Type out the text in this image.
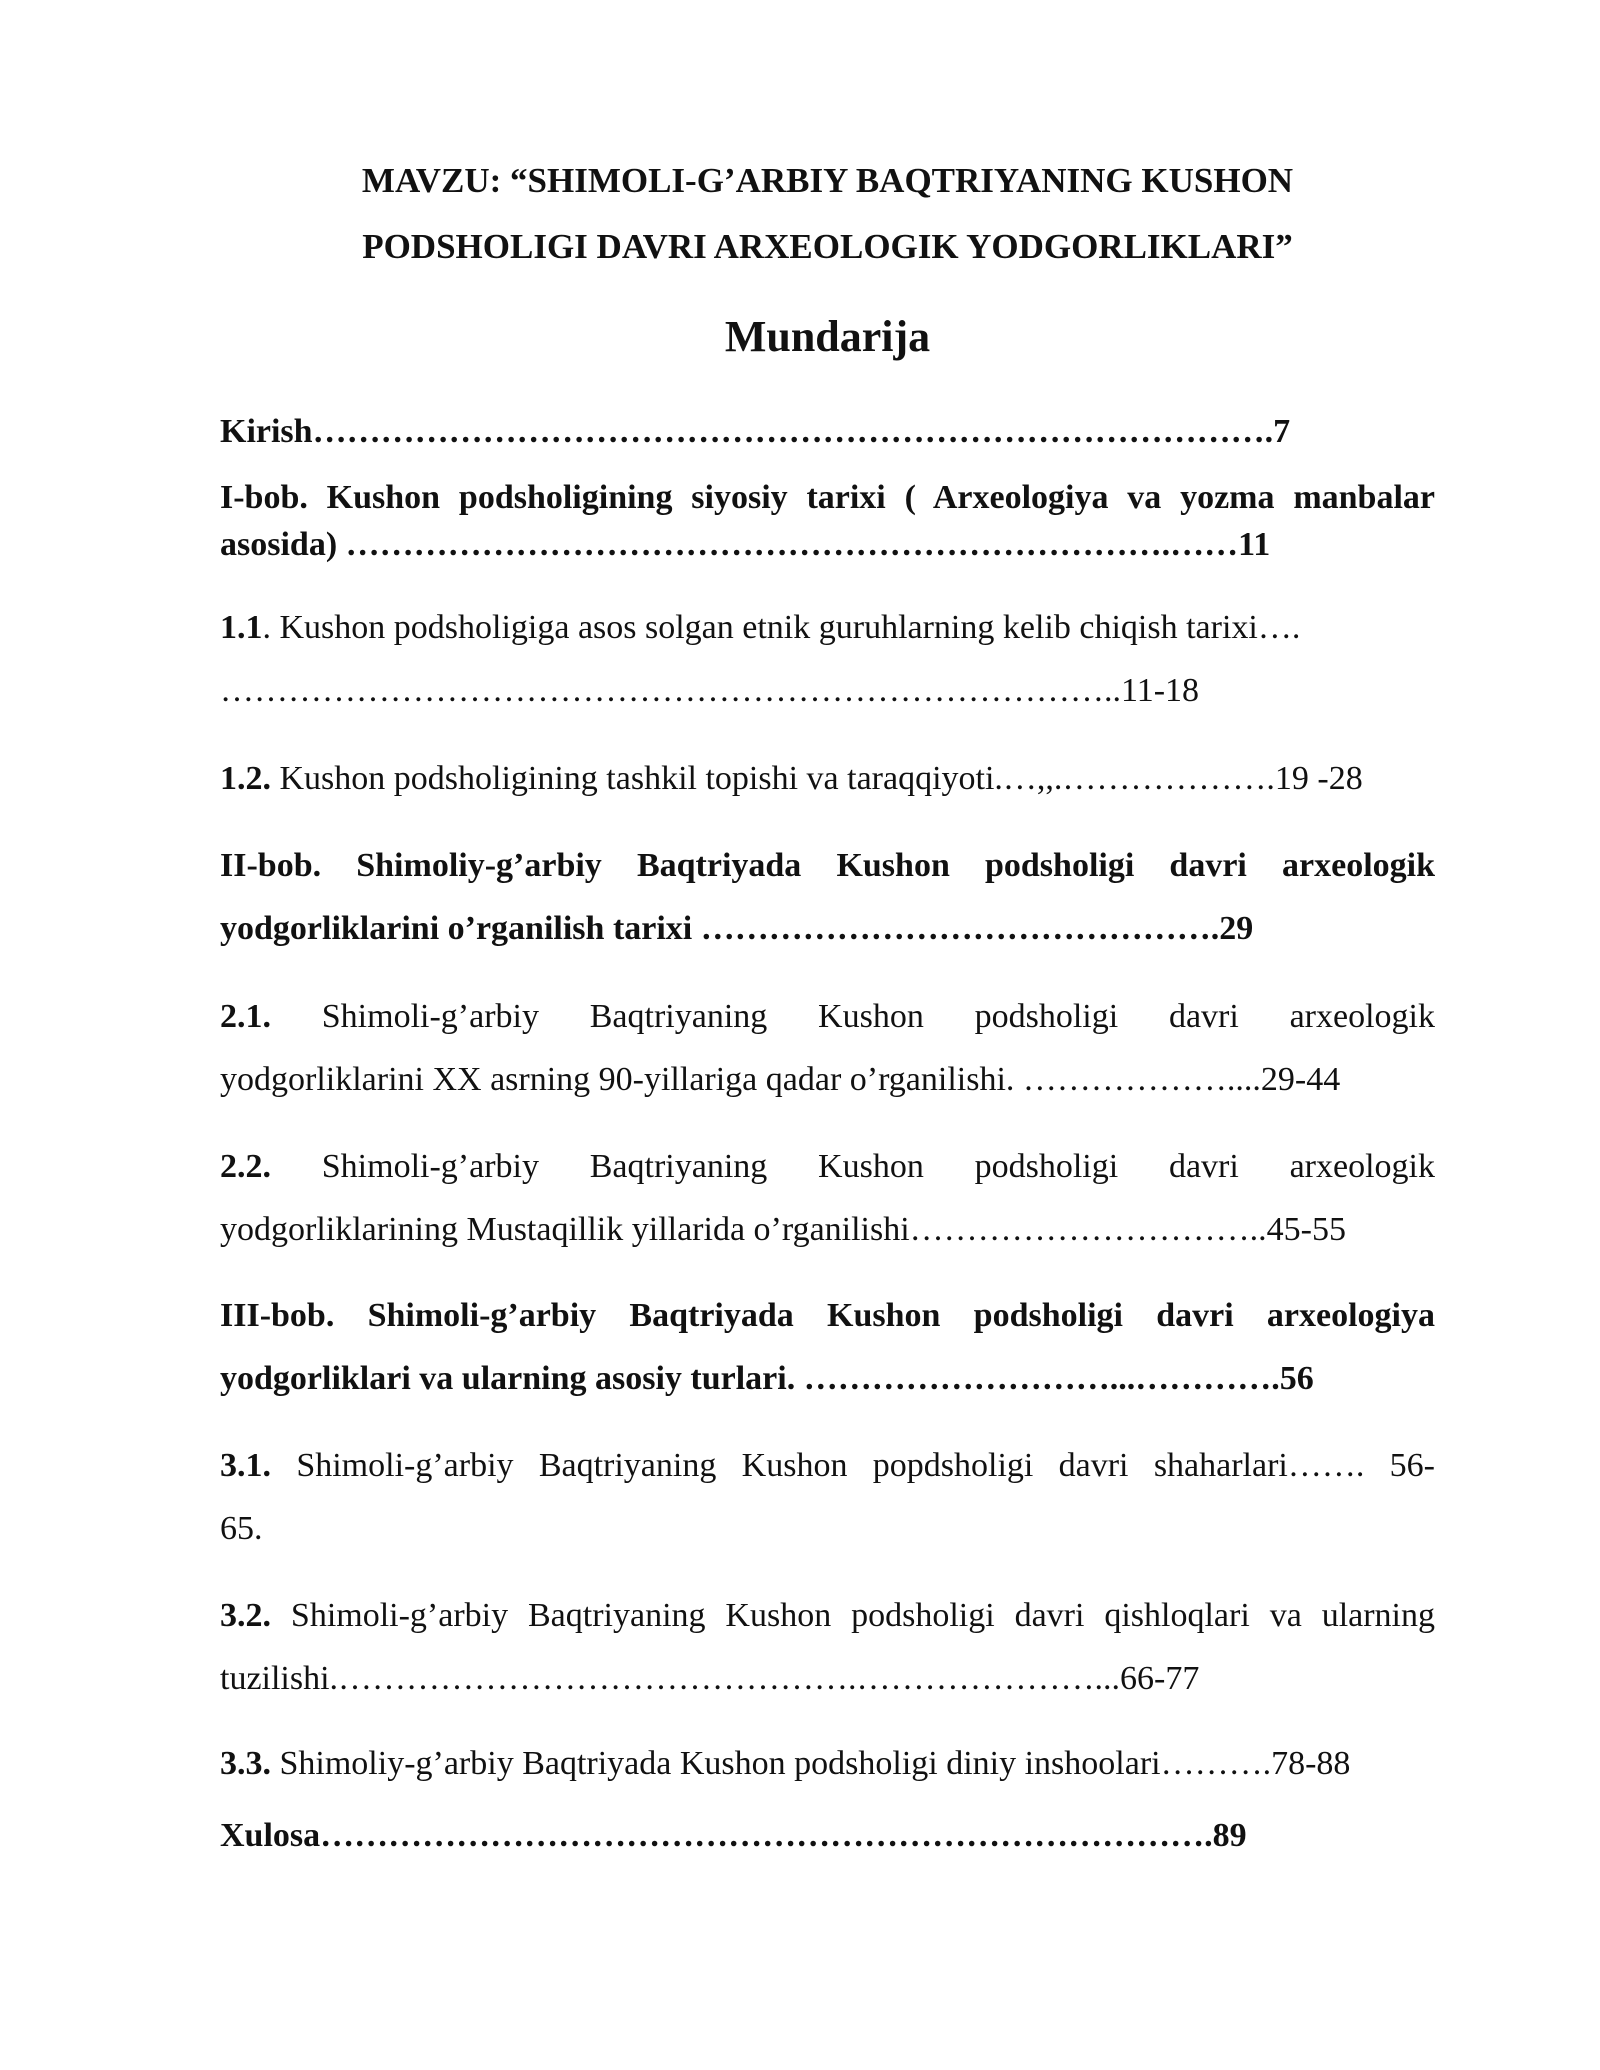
MAVZU: “SHIMOLI-G’ARBIY BAQTRIYANING KUSHON
PODSHOLIGI DAVRI ARXEOLOGIK YODGORLIKLARI”
Mundarija
Kirish………………………………………………………………………….7
I-bob. Kushon podsholigining siyosiy tarixi ( Arxeologiya va yozma manbalar
asosida) ……………………………………………………………….……11
1.1. Kushon podsholigiga asos solgan etnik guruhlarning kelib chiqish tarixi….
……………………………………………………………………..11-18
1.2. Kushon podsholigining tashkil topishi va taraqqiyoti.…,,.……………….19 -28
II-bob. Shimoliy-g’arbiy Baqtriyada Kushon podsholigi davri arxeologik
yodgorliklarini o’rganilish tarixi ……………………………………….29
2.1. Shimoli-g’arbiy Baqtriyaning Kushon podsholigi davri arxeologik
yodgorliklarini XX asrning 90-yillariga qadar o’rganilishi. ………………....29-44
2.2. Shimoli-g’arbiy Baqtriyaning Kushon podsholigi davri arxeologik
yodgorliklarining Mustaqillik yillarida o’rganilishi…………………………..45-55
III-bob. Shimoli-g’arbiy Baqtriyada Kushon podsholigi davri arxeologiya
yodgorliklari va ularning asosiy turlari. ………………………...………….56
3.1. Shimoli-g’arbiy Baqtriyaning Kushon popdsholigi davri shaharlari……. 56-
65.
3.2. Shimoli-g’arbiy Baqtriyaning Kushon podsholigi davri qishloqlari va ularning
tuzilishi.……………………………………….…………………...66-77
3.3. Shimoliy-g’arbiy Baqtriyada Kushon podsholigi diniy inshoolari……….78-88
Xulosa…………………………………………………………………….89
